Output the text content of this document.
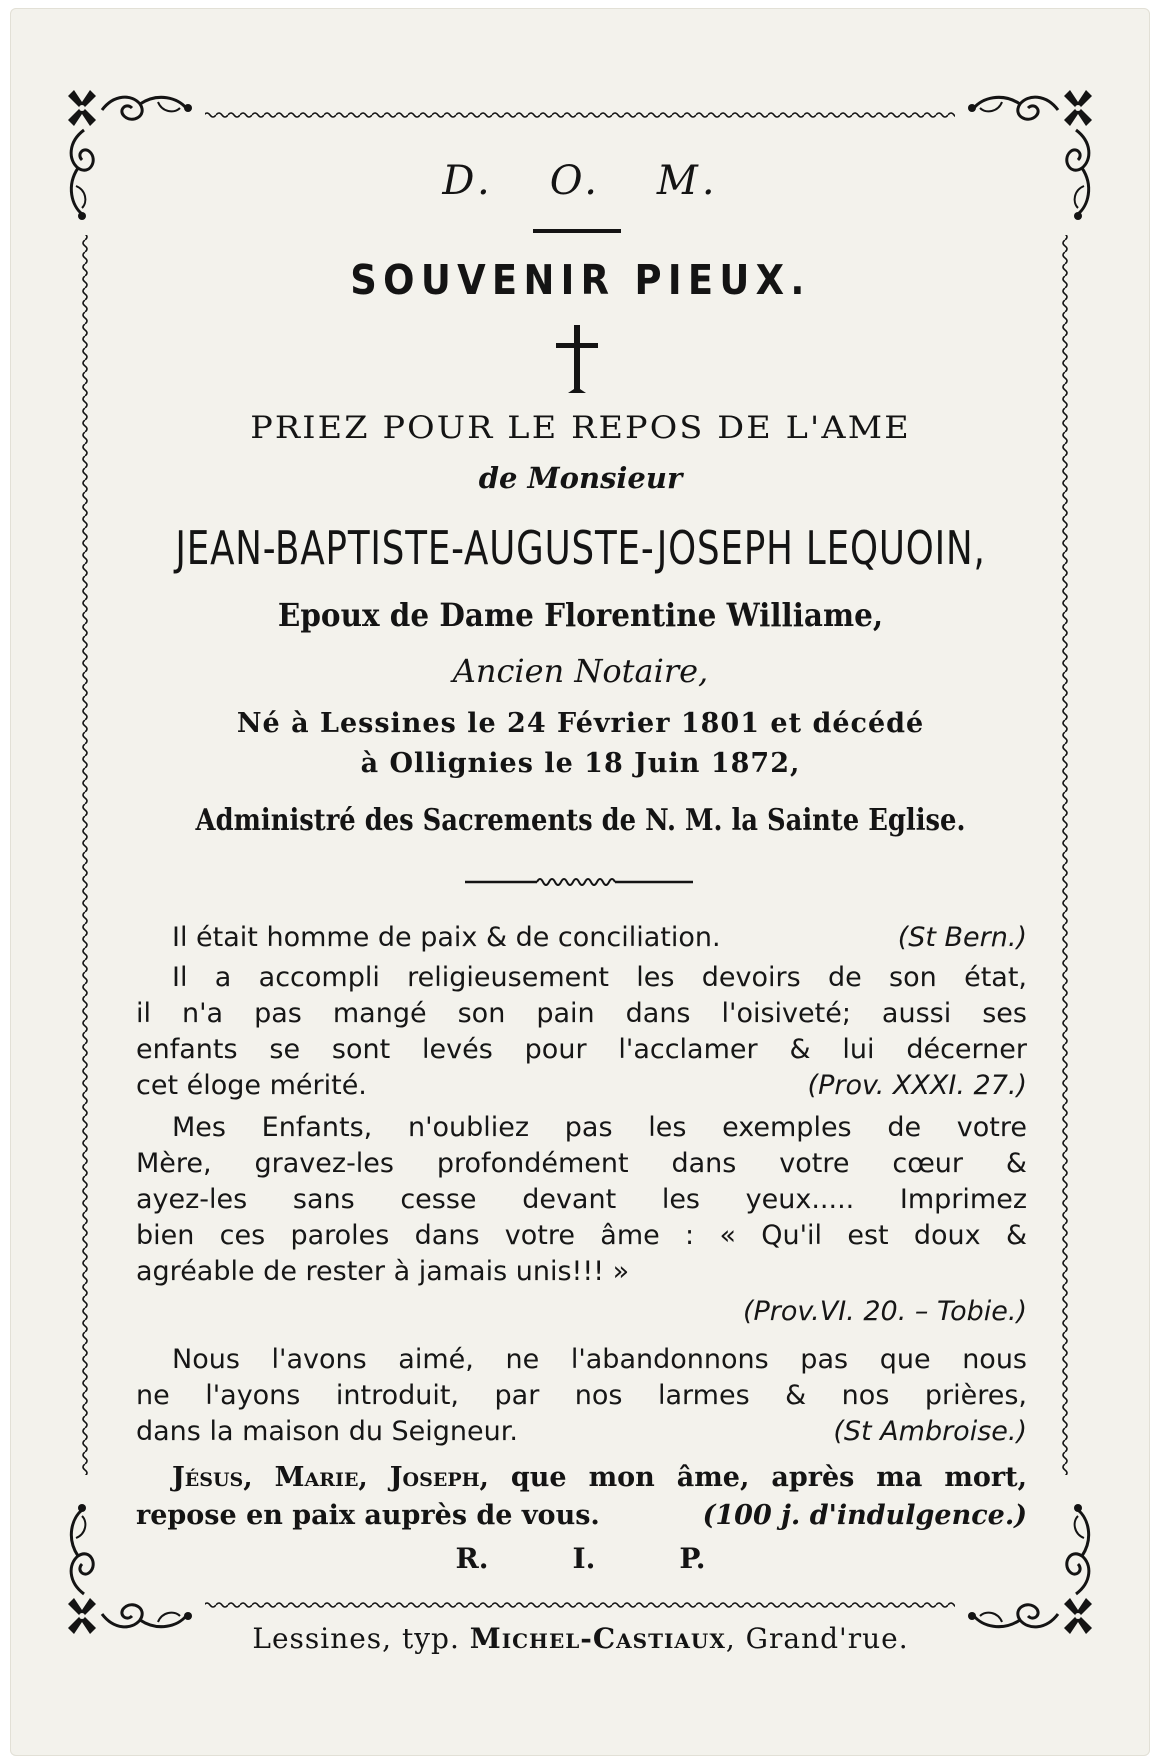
D. O. M.
SOUVENIR PIEUX.
PRIEZ POUR LE REPOS DE L'AME
de Monsieur
JEAN-BAPTISTE-AUGUSTE-JOSEPH LEQUOIN,
Epoux de Dame Florentine Williame,
Ancien Notaire,
Né à Lessines le 24 Février 1801 et décédé
à Ollignies le 18 Juin 1872,
Administré des Sacrements de N. M. la Sainte Eglise.
Il était homme de paix & de conciliation.	(St Bern.)
Il a accompli religieusement les devoirs de son état,
il n'a pas mangé son pain dans l'oisiveté; aussi ses
enfants se sont levés pour l'acclamer & lui décerner
cet éloge mérité.	(Prov. XXXI. 27.)
Mes Enfants, n'oubliez pas les exemples de votre
Mère, gravez-les profondément dans votre cœur &
ayez-les sans cesse devant les yeux..... Imprimez
bien ces paroles dans votre âme : « Qu'il est doux &
agréable de rester à jamais unis!!! »
(Prov.VI. 20. – Tobie.)
Nous l'avons aimé, ne l'abandonnons pas que nous
ne l'ayons introduit, par nos larmes & nos prières,
dans la maison du Seigneur.	(St Ambroise.)
Jésus, Marie, Joseph, que mon âme, après ma mort,
repose en paix auprès de vous.	(100 j. d'indulgence.)
R.	I.	P.
Lessines, typ. Michel-Castiaux, Grand'rue.
